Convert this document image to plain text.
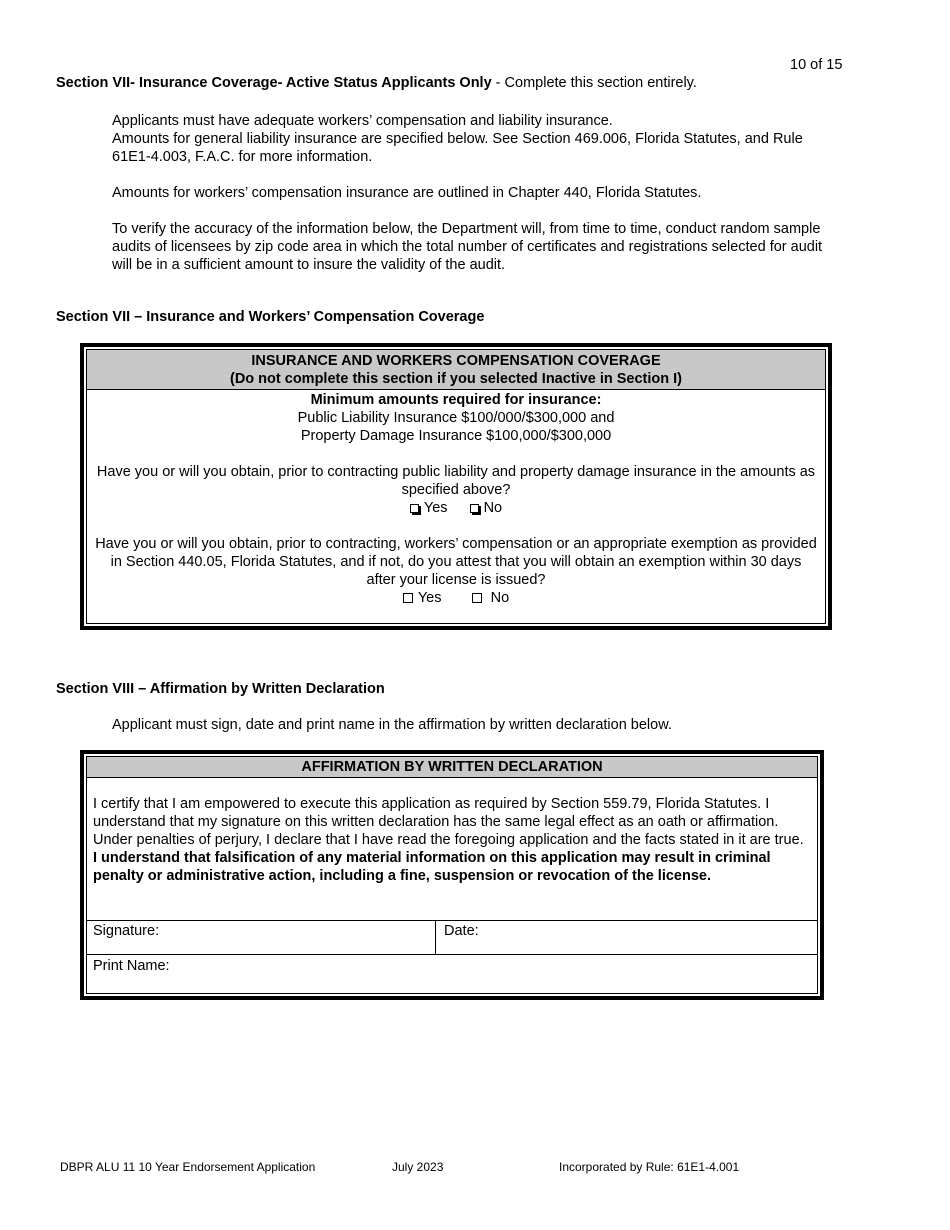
10 of 15
Section VII- Insurance Coverage- Active Status Applicants Only - Complete this section entirely.

Applicants must have adequate workers’ compensation and liability insurance.

Amounts for general liability insurance are specified below. See Section 469.006, Florida Statutes, and Rule 61E1-4.003, F.A.C. for more information.

Amounts for workers’ compensation insurance are outlined in Chapter 440, Florida Statutes.

To verify the accuracy of the information below, the Department will, from time to time, conduct random sample audits of licensees by zip code area in which the total number of certificates and registrations selected for audit will be in a sufficient amount to insure the validity of the audit.

Section VII – Insurance and Workers’ Compensation Coverage
INSURANCE AND WORKERS COMPENSATION COVERAGE
(Do not complete this section if you selected Inactive in Section I)

Minimum amounts required for insurance:

Public Liability Insurance $100/000/$300,000 and

Property Damage Insurance $100,000/$300,000

Have you or will you obtain, prior to contracting public liability and property damage insurance in the amounts as specified above?

Yes No

Have you or will you obtain, prior to contracting, workers’ compensation or an appropriate exemption as provided in Section 440.05, Florida Statutes, and if not, do you attest that you will obtain an exemption within 30 days after your license is issued?

Yes	No

Section VIII – Affirmation by Written Declaration
Applicant must sign, date and print name in the affirmation by written declaration below.
AFFIRMATION BY WRITTEN DECLARATION
I certify that I am empowered to execute this application as required by Section 559.79, Florida Statutes. I understand that my signature on this written declaration has the same legal effect as an oath or affirmation. Under penalties of perjury, I declare that I have read the foregoing application and the facts stated in it are true. I understand that falsification of any material information on this application may result in criminal penalty or administrative action, including a fine, suspension or revocation of the license.
Signature:	Date:
Print Name:
DBPR ALU 11 10 Year Endorsement Application	July 2023	Incorporated by Rule: 61E1-4.001
